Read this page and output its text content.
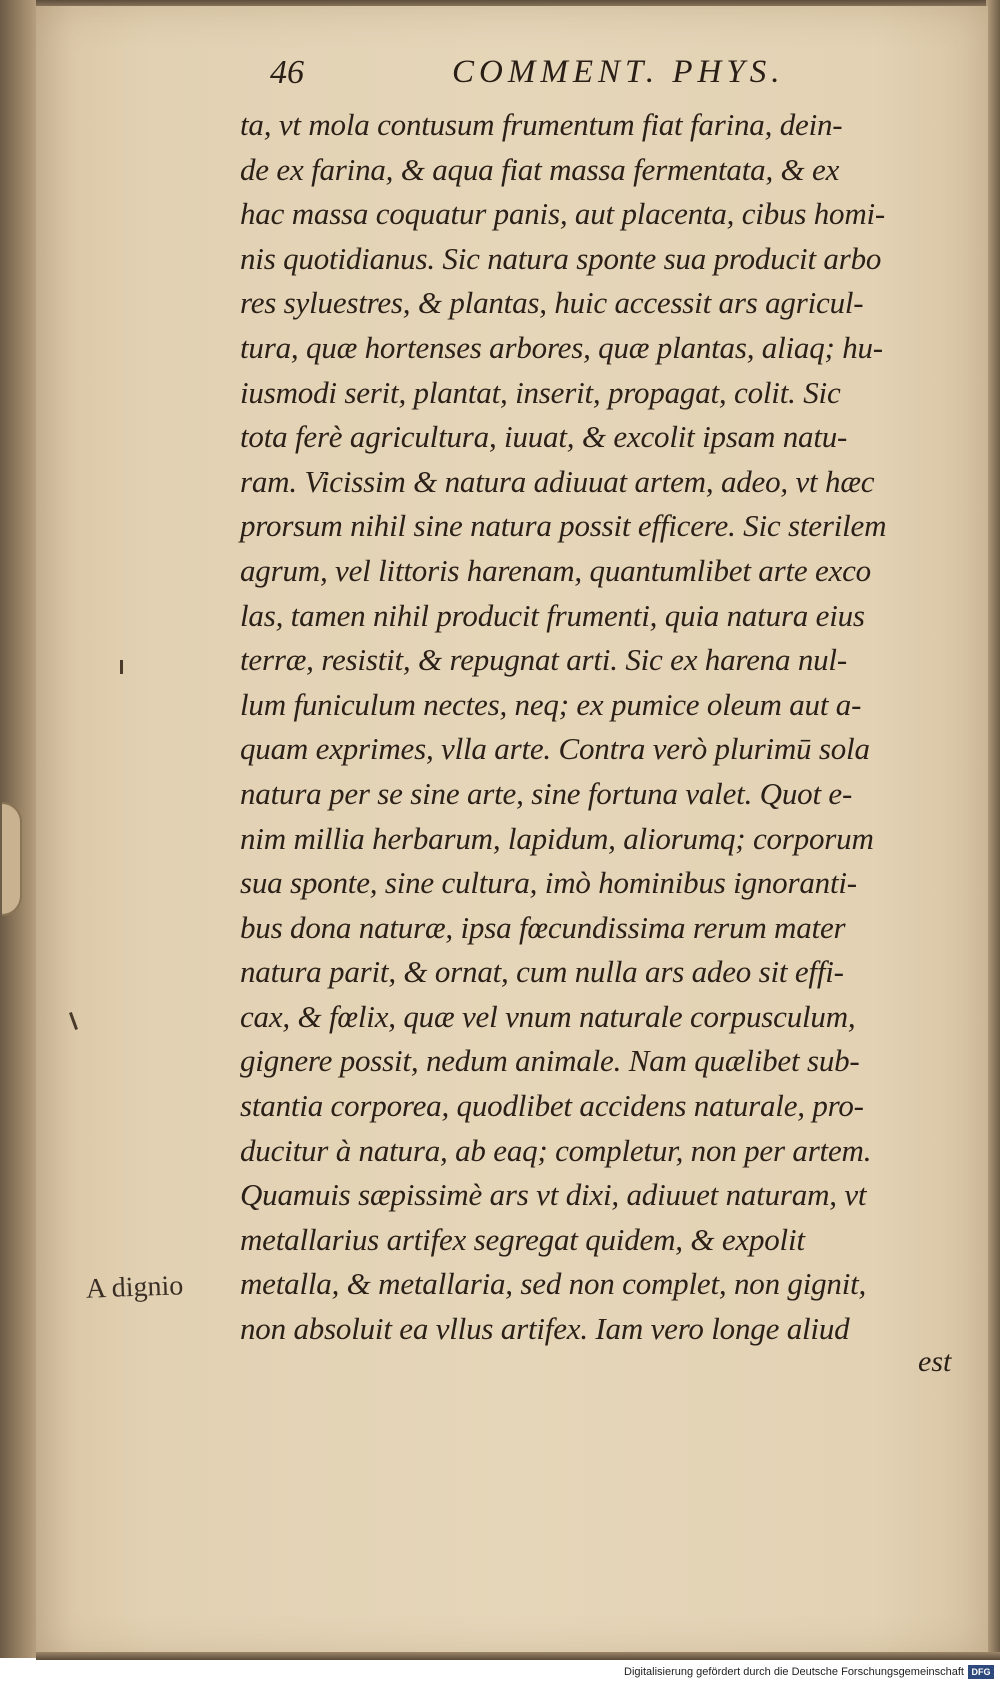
46	COMMENT. PHYS.
ta, vt mola contusum frumentum fiat farina, dein-
de ex farina, & aqua fiat massa fermentata, & ex
hac massa coquatur panis, aut placenta, cibus homi-
nis quotidianus. Sic natura sponte sua producit arbo
res syluestres, & plantas, huic accessit ars agricul-
tura, quæ hortenses arbores, quæ plantas, aliaq; hu-
iusmodi serit, plantat, inserit, propagat, colit. Sic
tota ferè agricultura, iuuat, & excolit ipsam natu-
ram. Vicissim & natura adiuuat artem, adeo, vt hæc
prorsum nihil sine natura possit efficere. Sic sterilem
agrum, vel littoris harenam, quantumlibet arte exco
las, tamen nihil producit frumenti, quia natura eius
terræ, resistit, & repugnat arti. Sic ex harena nul-
lum funiculum nectes, neq; ex pumice oleum aut a-
quam exprimes, vlla arte. Contra verò plurimū sola
natura per se sine arte, sine fortuna valet. Quot e-
nim millia herbarum, lapidum, aliorumq; corporum
sua sponte, sine cultura, imò hominibus ignoranti-
bus dona naturæ, ipsa fœcundissima rerum mater
natura parit, & ornat, cum nulla ars adeo sit effi-
cax, & fœlix, quæ vel vnum naturale corpusculum,
gignere possit, nedum animale. Nam quælibet sub-
stantia corporea, quodlibet accidens naturale, pro-
ducitur à natura, ab eaq; completur, non per artem.
Quamuis sæpissimè ars vt dixi, adiuuet naturam, vt
metallarius artifex segregat quidem, & expolit
metalla, & metallaria, sed non complet, non gignit,
non absoluit ea vllus artifex. Iam vero longe aliud
est
A dignio
Digitalisierung gefördert durch die Deutsche Forschungsgemeinschaft DFG
